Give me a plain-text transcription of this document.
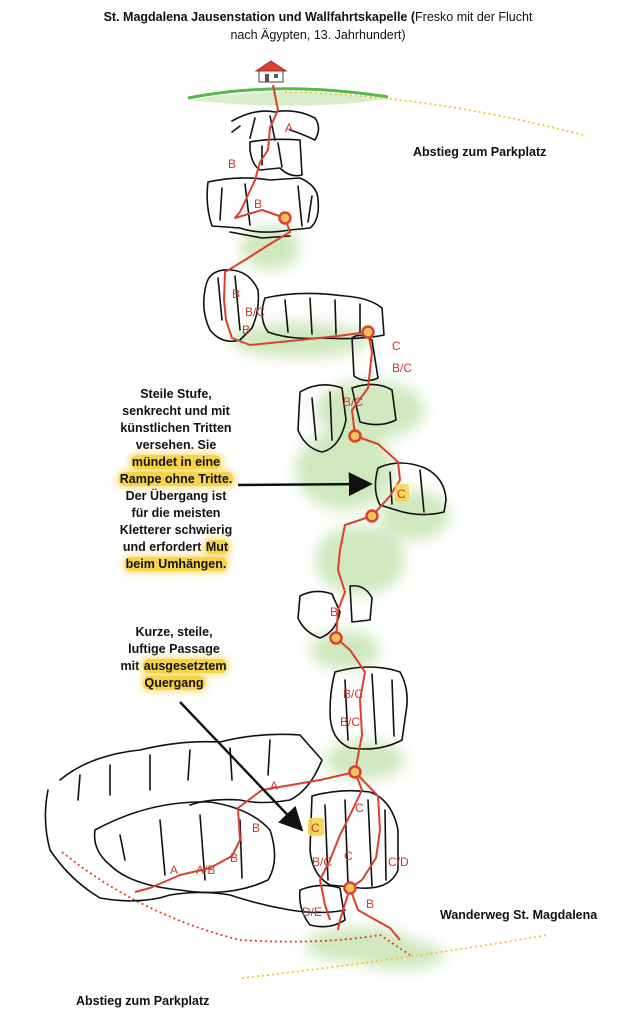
St. Magdalena Jausenstation und Wallfahrtskapelle (Fresko mit der Flucht
nach Ägypten, 13. Jahrhundert)
A
B
B
B
B/C
B
C
B/C
B/C
C
B
B/C
B/C
A
C
C
B
B
A/B
A
B/C C	C/D
D/E
B
Abstieg zum Parkplatz
Wanderweg St. Magdalena
Abstieg zum Parkplatz
Steile Stufe,
senkrecht und mit
künstlichen Tritten
versehen. Sie
mündet in eine
Rampe ohne Tritte.
Der Übergang ist
für die meisten
Kletterer schwierig
und erfordert Mut
beim Umhängen.
Kurze, steile,
luftige Passage
mit ausgesetztem
Quergang
